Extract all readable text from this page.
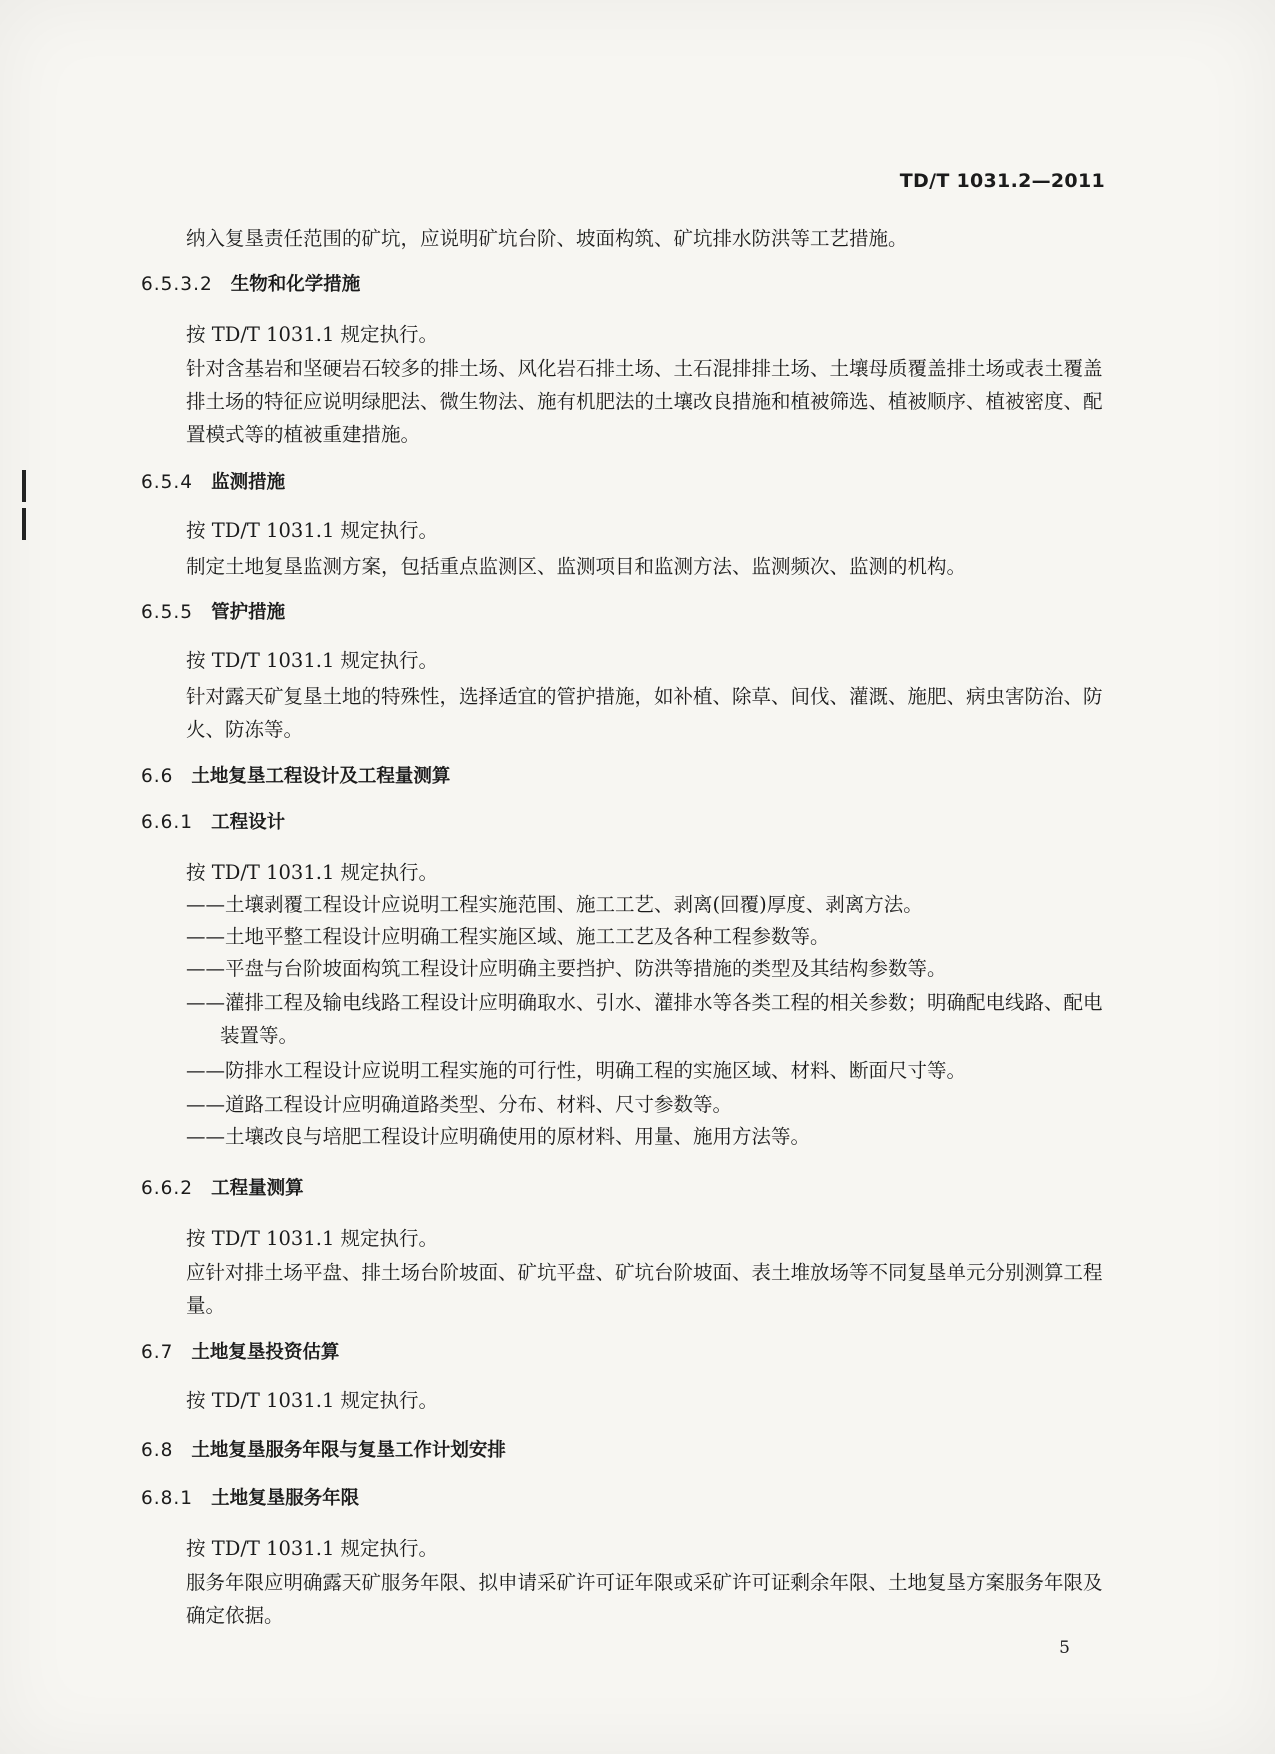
TD/T 1031.2—2011
纳入复垦责任范围的矿坑，应说明矿坑台阶、坡面构筑、矿坑排水防洪等工艺措施。
6.5.3.2 生物和化学措施
按 TD/T 1031.1 规定执行。
针对含基岩和坚硬岩石较多的排土场、风化岩石排土场、土石混排排土场、土壤母质覆盖排土场或表土覆盖排土场的特征应说明绿肥法、微生物法、施有机肥法的土壤改良措施和植被筛选、植被顺序、植被密度、配置模式等的植被重建措施。
6.5.4 监测措施
按 TD/T 1031.1 规定执行。
制定土地复垦监测方案，包括重点监测区、监测项目和监测方法、监测频次、监测的机构。
6.5.5 管护措施
按 TD/T 1031.1 规定执行。
针对露天矿复垦土地的特殊性，选择适宜的管护措施，如补植、除草、间伐、灌溉、施肥、病虫害防治、防火、防冻等。
6.6 土地复垦工程设计及工程量测算
6.6.1 工程设计
按 TD/T 1031.1 规定执行。
——土壤剥覆工程设计应说明工程实施范围、施工工艺、剥离(回覆)厚度、剥离方法。
——土地平整工程设计应明确工程实施区域、施工工艺及各种工程参数等。
——平盘与台阶坡面构筑工程设计应明确主要挡护、防洪等措施的类型及其结构参数等。
——灌排工程及输电线路工程设计应明确取水、引水、灌排水等各类工程的相关参数；明确配电线路、配电装置等。
——防排水工程设计应说明工程实施的可行性，明确工程的实施区域、材料、断面尺寸等。
——道路工程设计应明确道路类型、分布、材料、尺寸参数等。
——土壤改良与培肥工程设计应明确使用的原材料、用量、施用方法等。
6.6.2 工程量测算
按 TD/T 1031.1 规定执行。
应针对排土场平盘、排土场台阶坡面、矿坑平盘、矿坑台阶坡面、表土堆放场等不同复垦单元分别测算工程量。
6.7 土地复垦投资估算
按 TD/T 1031.1 规定执行。
6.8 土地复垦服务年限与复垦工作计划安排
6.8.1 土地复垦服务年限
按 TD/T 1031.1 规定执行。
服务年限应明确露天矿服务年限、拟申请采矿许可证年限或采矿许可证剩余年限、土地复垦方案服务年限及确定依据。
5
